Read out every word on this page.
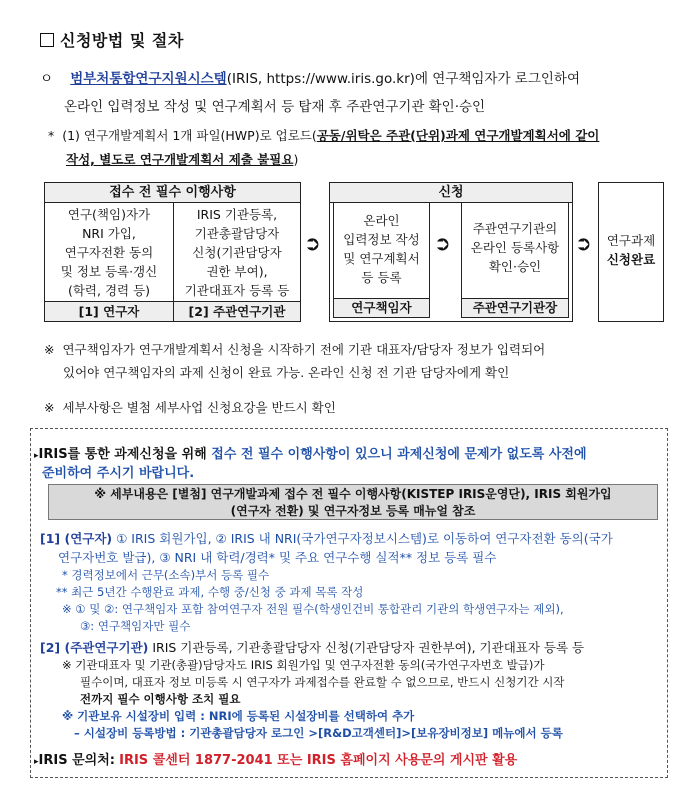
신청방법 및 절차
ㅇ 범부처통합연구지원시스템(IRIS, https://www.iris.go.kr)에 연구책임자가 로그인하여
온라인 입력정보 작성 및 연구계획서 등 탑재 후 주관연구기관 확인·승인
* (1) 연구개발계획서 1개 파일(HWP)로 업로드(공동/위탁은 주관(단위)과제 연구개발계획서에 같이
작성, 별도로 연구개발계획서 제출 불필요)
접수 전 필수 이행사항
연구(책임)자가
NRI 가입,
연구자전환 동의
및 정보 등록·갱신
(학력, 경력 등)
IRIS 기관등록,
기관총괄담당자
신청(기관담당자
권한 부여),
기관대표자 등록 등
[1] 연구자	[2] 주관연구기관
➲
신청
온라인
입력정보 작성
및 연구계획서
등 등록
연구책임자
➲
주관연구기관의
온라인 등록사항
확인·승인
주관연구기관장
➲	연구과제
신청완료
※ 연구책임자가 연구개발계획서 신청을 시작하기 전에 기관 대표자/담당자 정보가 입력되어
있어야 연구책임자의 과제 신청이 완료 가능. 온라인 신청 전 기관 담당자에게 확인
※ 세부사항은 별첨 세부사업 신청요강을 반드시 확인
▸IRIS를 통한 과제신청을 위해 접수 전 필수 이행사항이 있으니 과제신청에 문제가 없도록 사전에
준비하여 주시기 바랍니다.
※ 세부내용은 [별첨] 연구개발과제 접수 전 필수 이행사항(KISTEP IRIS운영단), IRIS 회원가입
(연구자 전환) 및 연구자정보 등록 매뉴얼 참조
[1] (연구자) ① IRIS 회원가입, ② IRIS 내 NRI(국가연구자정보시스템)로 이동하여 연구자전환 동의(국가
연구자번호 발급), ③ NRI 내 학력/경력* 및 주요 연구수행 실적** 정보 등록 필수
* 경력정보에서 근무(소속)부서 등록 필수
** 최근 5년간 수행완료 과제, 수행 중/신청 중 과제 목록 작성
※ ① 및 ②: 연구책임자 포함 참여연구자 전원 필수(학생인건비 통합관리 기관의 학생연구자는 제외),
③: 연구책임자만 필수
[2] (주관연구기관) IRIS 기관등록, 기관총괄담당자 신청(기관담당자 권한부여), 기관대표자 등록 등
※ 기관대표자 및 기관(총괄)담당자도 IRIS 회원가입 및 연구자전환 동의(국가연구자번호 발급)가
필수이며, 대표자 정보 미등록 시 연구자가 과제접수를 완료할 수 없으므로, 반드시 신청기간 시작
전까지 필수 이행사항 조치 필요
※ 기관보유 시설장비 입력 : NRI에 등록된 시설장비를 선택하여 추가
– 시설장비 등록방법 : 기관총괄담당자 로그인 >[R&D고객센터]>[보유장비정보] 메뉴에서 등록
▸IRIS 문의처: IRIS 콜센터 1877-2041 또는 IRIS 홈페이지 사용문의 게시판 활용
